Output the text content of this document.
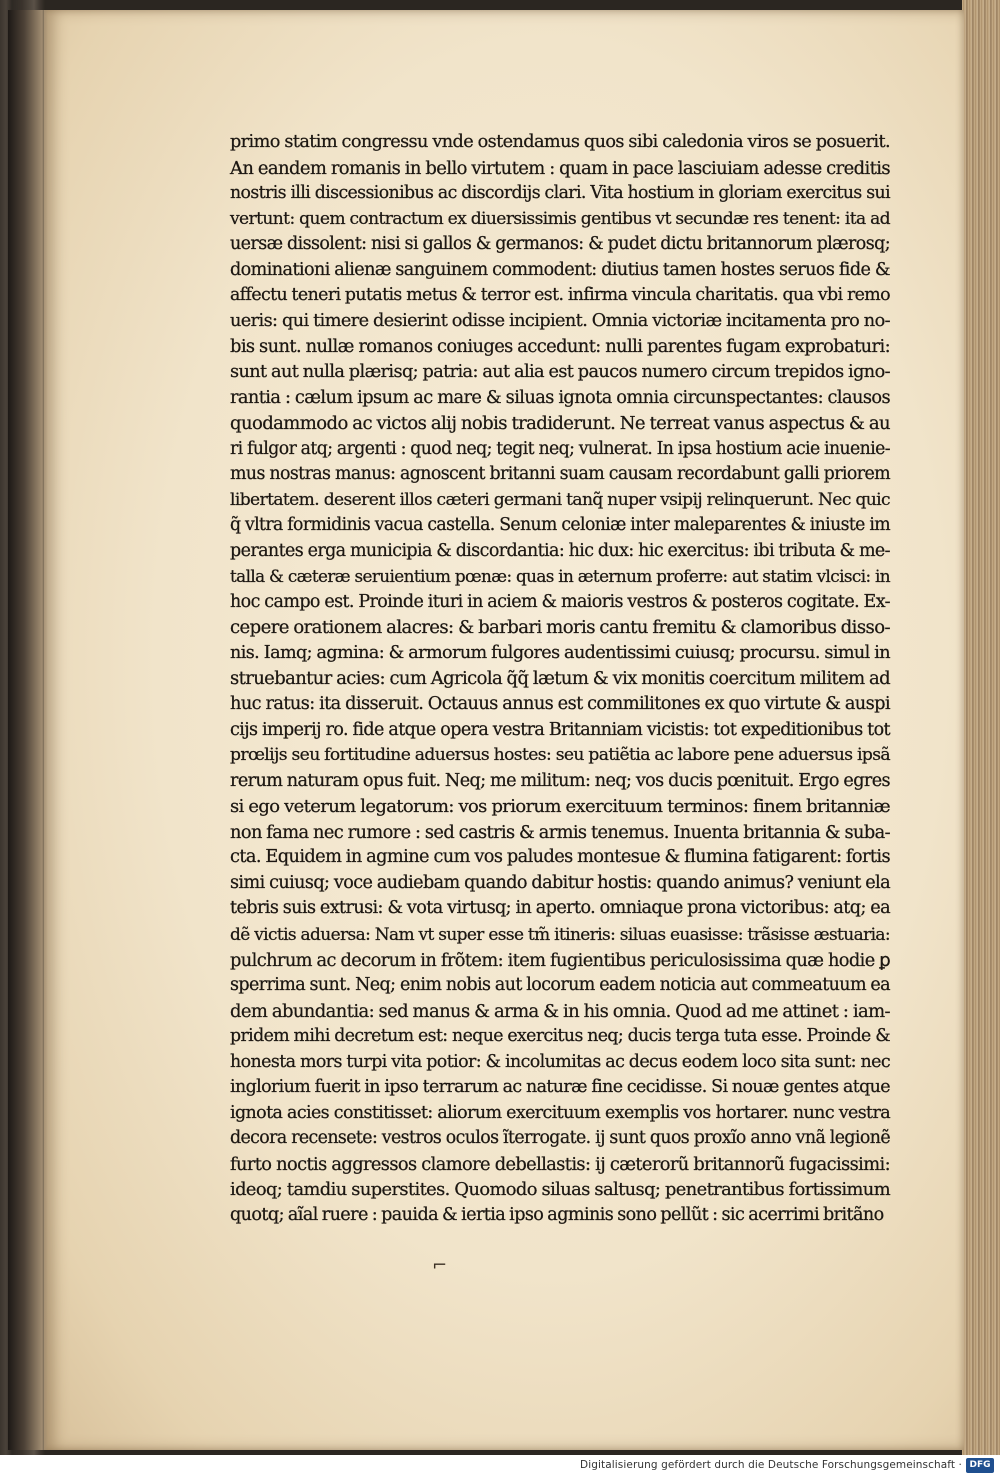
primo statim congressu vnde ostendamus quos sibi caledonia viros se posuerit.
An eandem romanis in bello virtutem : quam in pace lasciuiam adesse creditis
nostris illi discessionibus ac discordijs clari. Vita hostium in gloriam exercitus sui
vertunt: quem contractum ex diuersissimis gentibus vt secundæ res tenent: ita ad
uersæ dissolent: nisi si gallos & germanos: & pudet dictu britannorum plærosq;
dominationi alienæ sanguinem commodent: diutius tamen hostes seruos fide &
affectu teneri putatis metus & terror est. infirma vincula charitatis. qua vbi remo
ueris: qui timere desierint odisse incipient. Omnia victoriæ incitamenta pro no-
bis sunt. nullæ romanos coniuges accedunt: nulli parentes fugam exprobaturi:
sunt aut nulla plærisq; patria: aut alia est paucos numero circum trepidos igno-
rantia : cælum ipsum ac mare & siluas ignota omnia circunspectantes: clausos
quodammodo ac victos alij nobis tradiderunt. Ne terreat vanus aspectus & au
ri fulgor atq; argenti : quod neq; tegit neq; vulnerat. In ipsa hostium acie inuenie-
mus nostras manus: agnoscent britanni suam causam recordabunt galli priorem
libertatem. deserent illos cæteri germani tanq̃ nuper vsipij relinquerunt. Nec quic
q̃ vltra formidinis vacua castella. Senum celoniæ inter maleparentes & iniuste im
perantes erga municipia & discordantia: hic dux: hic exercitus: ibi tributa & me-
talla & cæteræ seruientium pœnæ: quas in æternum proferre: aut statim vlcisci: in
hoc campo est. Proinde ituri in aciem & maioris vestros & posteros cogitate. Ex-
cepere orationem alacres: & barbari moris cantu fremitu & clamoribus disso-
nis. Iamq; agmina: & armorum fulgores audentissimi cuiusq; procursu. simul in
struebantur acies: cum Agricola q̃q̃ lætum & vix monitis coercitum militem ad
huc ratus: ita disseruit. Octauus annus est commilitones ex quo virtute & auspi
cijs imperij ro. fide atque opera vestra Britanniam vicistis: tot expeditionibus tot
prœlijs seu fortitudine aduersus hostes: seu patiẽtia ac labore pene aduersus ipsã
rerum naturam opus fuit. Neq; me militum: neq; vos ducis pœnituit. Ergo egres
si ego veterum legatorum: vos priorum exercituum terminos: finem britanniæ
non fama nec rumore : sed castris & armis tenemus. Inuenta britannia & suba-
cta. Equidem in agmine cum vos paludes montesue & flumina fatigarent: fortis
simi cuiusq; voce audiebam quando dabitur hostis: quando animus? veniunt ela
tebris suis extrusi: & vota virtusq; in aperto. omniaque prona victoribus: atq; ea
dẽ victis aduersa: Nam vt super esse tm̃ itineris: siluas euasisse: trãsisse æstuaria:
pulchrum ac decorum in frõtem: item fugientibus periculosissima quæ hodie ꝑ
sperrima sunt. Neq; enim nobis aut locorum eadem noticia aut commeatuum ea
dem abundantia: sed manus & arma & in his omnia. Quod ad me attinet : iam-
pridem mihi decretum est: neque exercitus neq; ducis terga tuta esse. Proinde &
honesta mors turpi vita potior: & incolumitas ac decus eodem loco sita sunt: nec
inglorium fuerit in ipso terrarum ac naturæ fine cecidisse. Si nouæ gentes atque
ignota acies constitisset: aliorum exercituum exemplis vos hortarer. nunc vestra
decora recensete: vestros oculos ĩterrogate. ij sunt quos proxĩo anno vnã legionẽ
furto noctis aggressos clamore debellastis: ij cæterorũ britannorũ fugacissimi:
ideoq; tamdiu superstites. Quomodo siluas saltusq; penetrantibus fortissimum
quotq; aĩal ruere : pauida & iertia ipso agminis sono pellũt : sic acerrimi britãno
⌐
Digitalisierung gefördert durch die Deutsche Forschungsgemeinschaft · DFG
